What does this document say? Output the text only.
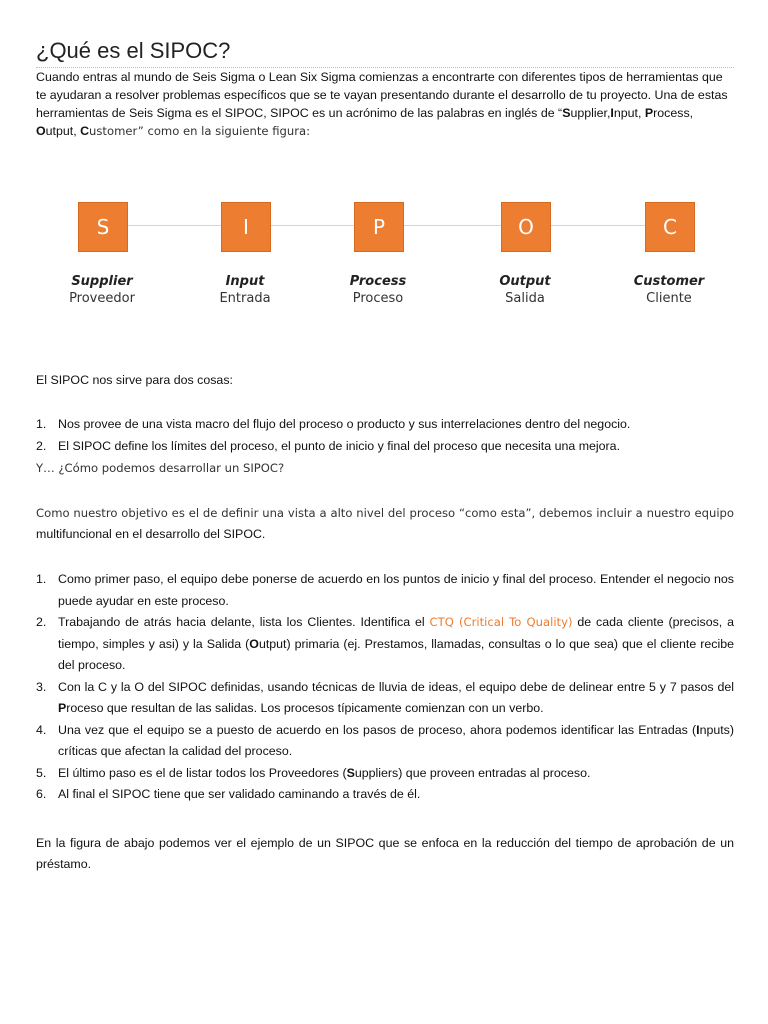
¿Qué es el SIPOC?
Cuando entras al mundo de Seis Sigma o Lean Six Sigma comienzas a encontrarte con diferentes tipos de herramientas que te ayudaran a resolver problemas específicos que se te vayan presentando durante el desarrollo de tu proyecto. Una de estas herramientas de Seis Sigma es el SIPOC, SIPOC es un acrónimo de las palabras en inglés de “Supplier,Input, Process, Output, Customer” como en la siguiente figura:
S	I	P	O	C
Supplier
Proveedor
Input
Entrada
Process
Proceso
Output
Salida
Customer
Cliente
El SIPOC nos sirve para dos cosas:
1. Nos provee de una vista macro del flujo del proceso o producto y sus interrelaciones dentro del negocio.
2. El SIPOC define los límites del proceso, el punto de inicio y final del proceso que necesita una mejora.
Y… ¿Cómo podemos desarrollar un SIPOC?
Como nuestro objetivo es el de definir una vista a alto nivel del proceso “como esta”, debemos incluir a nuestro equipo multifuncional en el desarrollo del SIPOC.
1. Como primer paso, el equipo debe ponerse de acuerdo en los puntos de inicio y final del proceso. Entender el negocio nos puede ayudar en este proceso.
2. Trabajando de atrás hacia delante, lista los Clientes. Identifica el CTQ (Critical To Quality) de cada cliente (precisos, a tiempo, simples y asi) y la Salida (Output) primaria (ej. Prestamos, llamadas, consultas o lo que sea) que el cliente recibe del proceso.
3. Con la C y la O del SIPOC definidas, usando técnicas de lluvia de ideas, el equipo debe de delinear entre 5 y 7 pasos del Proceso que resultan de las salidas. Los procesos típicamente comienzan con un verbo.
4. Una vez que el equipo se a puesto de acuerdo en los pasos de proceso, ahora podemos identificar las Entradas (Inputs) críticas que afectan la calidad del proceso.
5. El último paso es el de listar todos los Proveedores (Suppliers) que proveen entradas al proceso.
6. Al final el SIPOC tiene que ser validado caminando a través de él.
En la figura de abajo podemos ver el ejemplo de un SIPOC que se enfoca en la reducción del tiempo de aprobación de un préstamo.
